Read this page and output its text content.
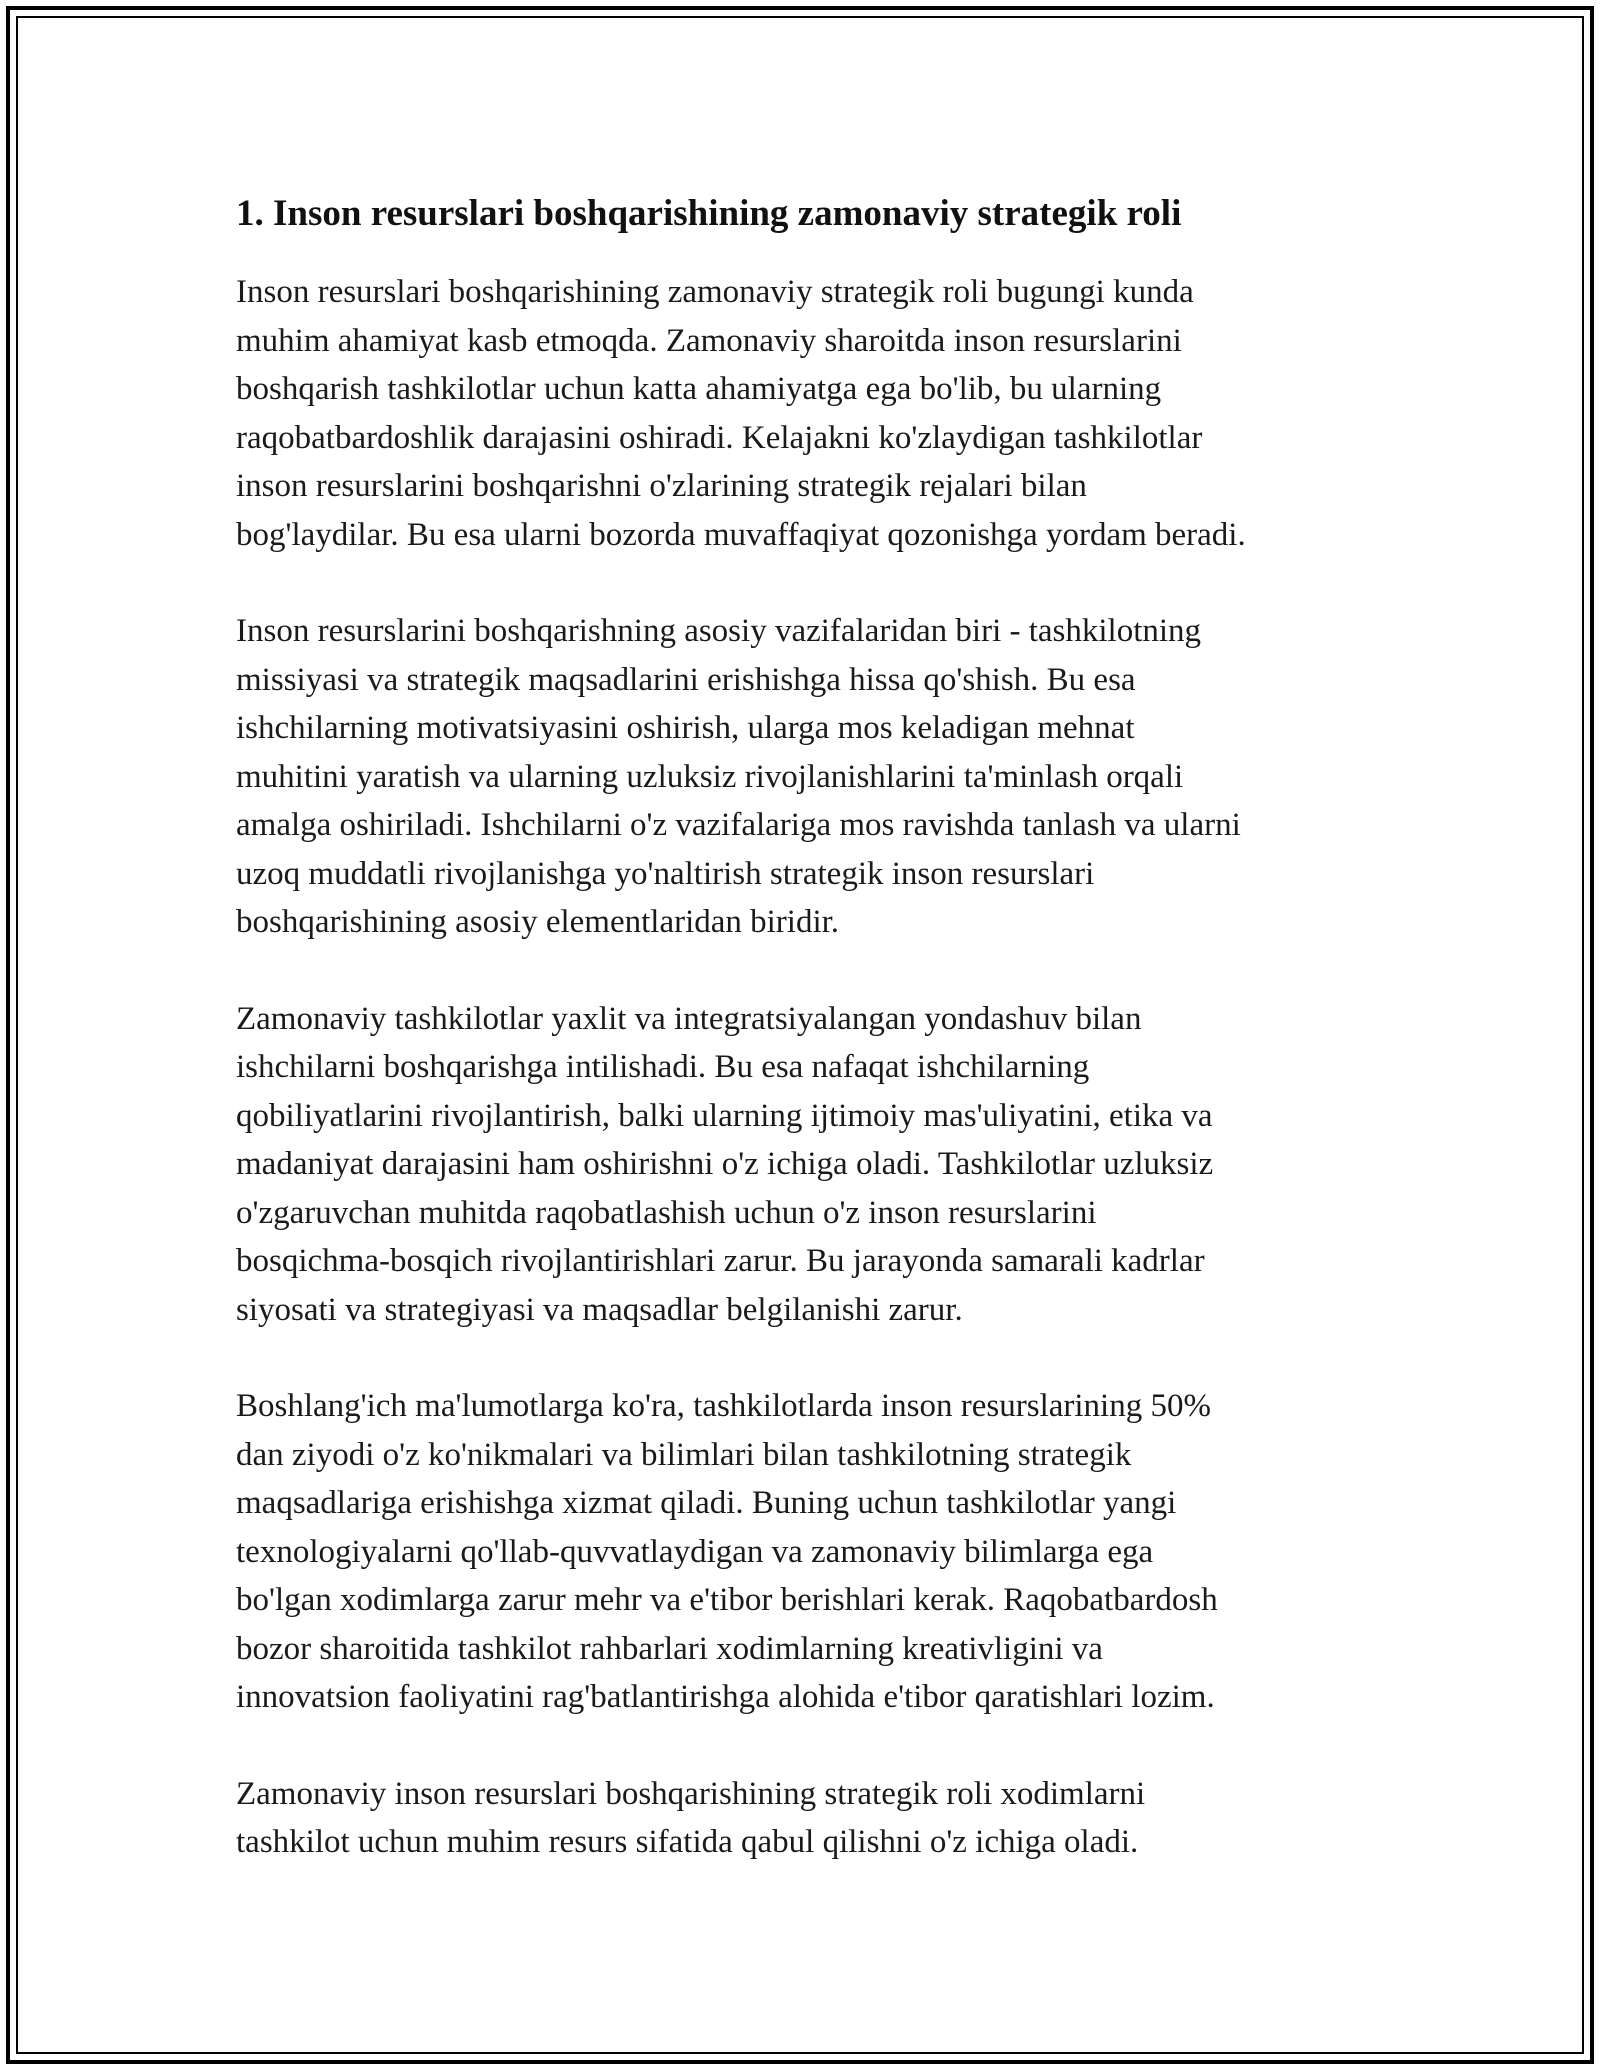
1. Inson resurslari boshqarishining zamonaviy strategik roli

Inson resurslari boshqarishining zamonaviy strategik roli bugungi kunda
muhim ahamiyat kasb etmoqda. Zamonaviy sharoitda inson resurslarini
boshqarish tashkilotlar uchun katta ahamiyatga ega bo'lib, bu ularning
raqobatbardoshlik darajasini oshiradi. Kelajakni ko'zlaydigan tashkilotlar
inson resurslarini boshqarishni o'zlarining strategik rejalari bilan
bog'laydilar. Bu esa ularni bozorda muvaffaqiyat qozonishga yordam beradi.

Inson resurslarini boshqarishning asosiy vazifalaridan biri - tashkilotning
missiyasi va strategik maqsadlarini erishishga hissa qo'shish. Bu esa
ishchilarning motivatsiyasini oshirish, ularga mos keladigan mehnat
muhitini yaratish va ularning uzluksiz rivojlanishlarini ta'minlash orqali
amalga oshiriladi. Ishchilarni o'z vazifalariga mos ravishda tanlash va ularni
uzoq muddatli rivojlanishga yo'naltirish strategik inson resurslari
boshqarishining asosiy elementlaridan biridir.

Zamonaviy tashkilotlar yaxlit va integratsiyalangan yondashuv bilan
ishchilarni boshqarishga intilishadi. Bu esa nafaqat ishchilarning
qobiliyatlarini rivojlantirish, balki ularning ijtimoiy mas'uliyatini, etika va
madaniyat darajasini ham oshirishni o'z ichiga oladi. Tashkilotlar uzluksiz
o'zgaruvchan muhitda raqobatlashish uchun o'z inson resurslarini
bosqichma-bosqich rivojlantirishlari zarur. Bu jarayonda samarali kadrlar
siyosati va strategiyasi va maqsadlar belgilanishi zarur.

Boshlang'ich ma'lumotlarga ko'ra, tashkilotlarda inson resurslarining 50%
dan ziyodi o'z ko'nikmalari va bilimlari bilan tashkilotning strategik
maqsadlariga erishishga xizmat qiladi. Buning uchun tashkilotlar yangi
texnologiyalarni qo'llab-quvvatlaydigan va zamonaviy bilimlarga ega
bo'lgan xodimlarga zarur mehr va e'tibor berishlari kerak. Raqobatbardosh
bozor sharoitida tashkilot rahbarlari xodimlarning kreativligini va
innovatsion faoliyatini rag'batlantirishga alohida e'tibor qaratishlari lozim.

Zamonaviy inson resurslari boshqarishining strategik roli xodimlarni
tashkilot uchun muhim resurs sifatida qabul qilishni o'z ichiga oladi.
